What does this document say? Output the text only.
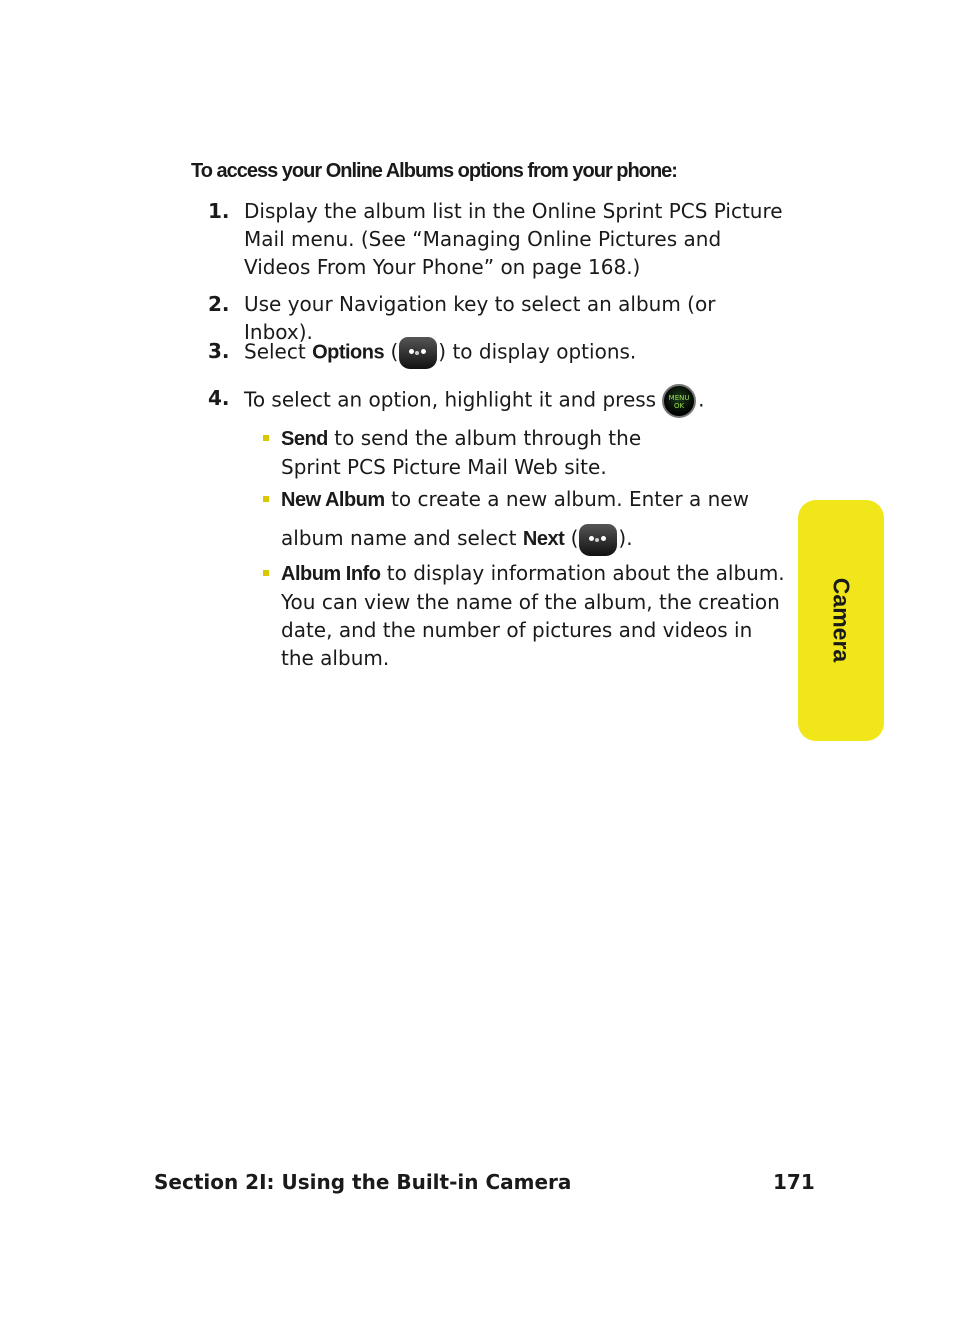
To access your Online Albums options from your phone:
1. Display the album list in the Online Sprint PCS Picture Mail menu. (See “Managing Online Pictures and Videos From Your Phone” on page 168.)
2. Use your Navigation key to select an album (or Inbox).
3. Select Options ( ) to display options.
4. To select an option, highlight it and press	MENU
OK .
Send to send the album through the
Sprint PCS Picture Mail Web site.
New Album to create a new album. Enter a new
album name and select Next ( ).
Album Info to display information about the album. You can view the name of the album, the creation date, and the number of pictures and videos in the album.	Camera
Section 2I: Using the Built-in Camera	171
